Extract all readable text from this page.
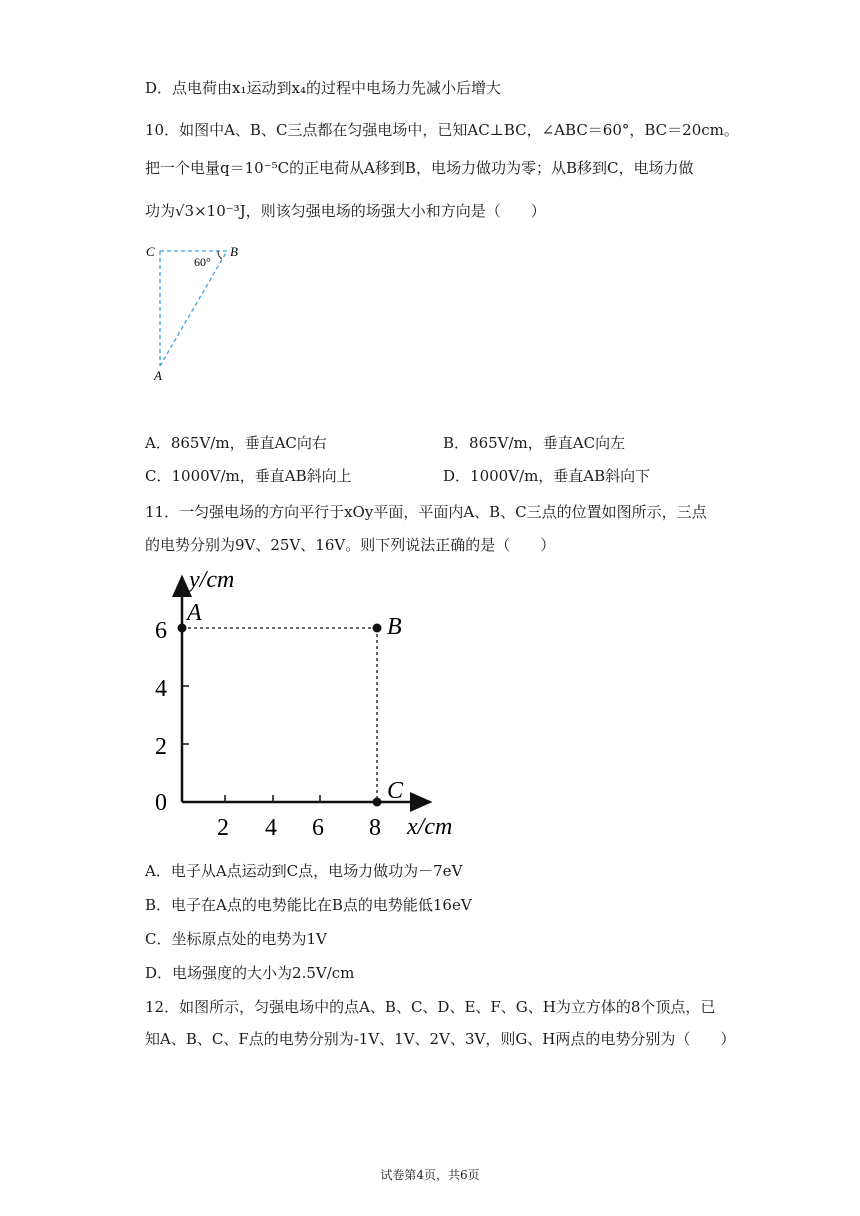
D．点电荷由x₁运动到x₄的过程中电场力先减小后增大
10．如图中A、B、C三点都在匀强电场中，已知AC⊥BC，∠ABC＝60°，BC＝20cm。
把一个电量q＝10⁻⁵C的正电荷从A移到B，电场力做功为零；从B移到C，电场力做
功为√3×10⁻³J，则该匀强电场的场强大小和方向是（　　）
C	B
A
60°
A．865V/m，垂直AC向右	B．865V/m，垂直AC向左
C．1000V/m，垂直AB斜向上	D．1000V/m，垂直AB斜向下
11．一匀强电场的方向平行于xOy平面，平面内A、B、C三点的位置如图所示，三点
的电势分别为9V、25V、16V。则下列说法正确的是（　　）
y/cm
x/cm
6
4
2
0
2 4 6 8
A
B
C
A．电子从A点运动到C点，电场力做功为－7eV
B．电子在A点的电势能比在B点的电势能低16eV
C．坐标原点处的电势为1V
D．电场强度的大小为2.5V/cm
12．如图所示，匀强电场中的点A、B、C、D、E、F、G、H为立方体的8个顶点，已
知A、B、C、F点的电势分别为-1V、1V、2V、3V，则G、H两点的电势分别为（　　）
试卷第4页，共6页
